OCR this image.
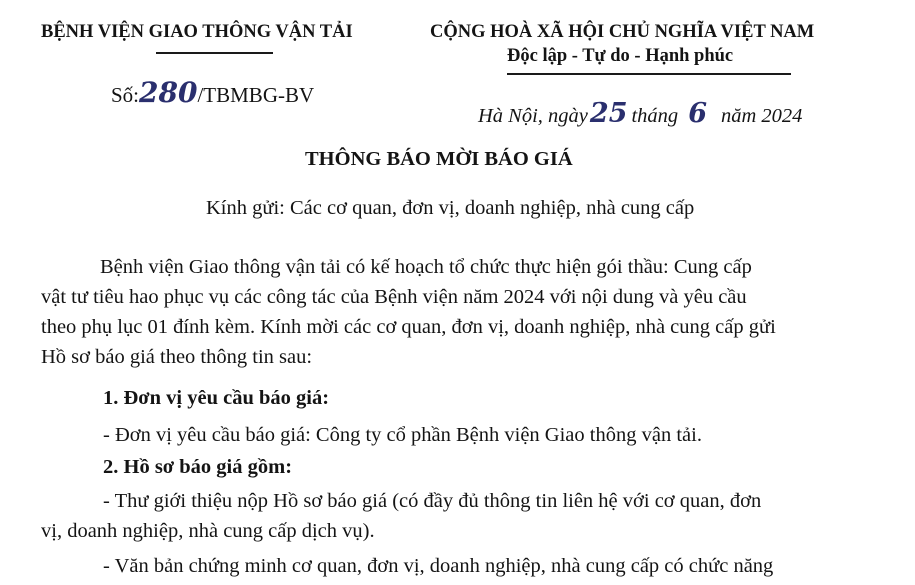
BỆNH VIỆN GIAO THÔNG VẬN TẢI
Số:280/TBMBG-BV
CỘNG HOÀ XÃ HỘI CHỦ NGHĨA VIỆT NAM
Độc lập - Tự do - Hạnh phúc
Hà Nội, ngày25 tháng 6 năm 2024
THÔNG BÁO MỜI BÁO GIÁ
Kính gửi: Các cơ quan, đơn vị, doanh nghiệp, nhà cung cấp
Bệnh viện Giao thông vận tải có kế hoạch tổ chức thực hiện gói thầu: Cung cấp
vật tư tiêu hao phục vụ các công tác của Bệnh viện năm 2024 với nội dung và yêu cầu
theo phụ lục 01 đính kèm. Kính mời các cơ quan, đơn vị, doanh nghiệp, nhà cung cấp gửi
Hồ sơ báo giá theo thông tin sau:
1. Đơn vị yêu cầu báo giá:
- Đơn vị yêu cầu báo giá: Công ty cổ phần Bệnh viện Giao thông vận tải.
2. Hồ sơ báo giá gồm:
- Thư giới thiệu nộp Hồ sơ báo giá (có đầy đủ thông tin liên hệ với cơ quan, đơn
vị, doanh nghiệp, nhà cung cấp dịch vụ).
- Văn bản chứng minh cơ quan, đơn vị, doanh nghiệp, nhà cung cấp có chức năng
